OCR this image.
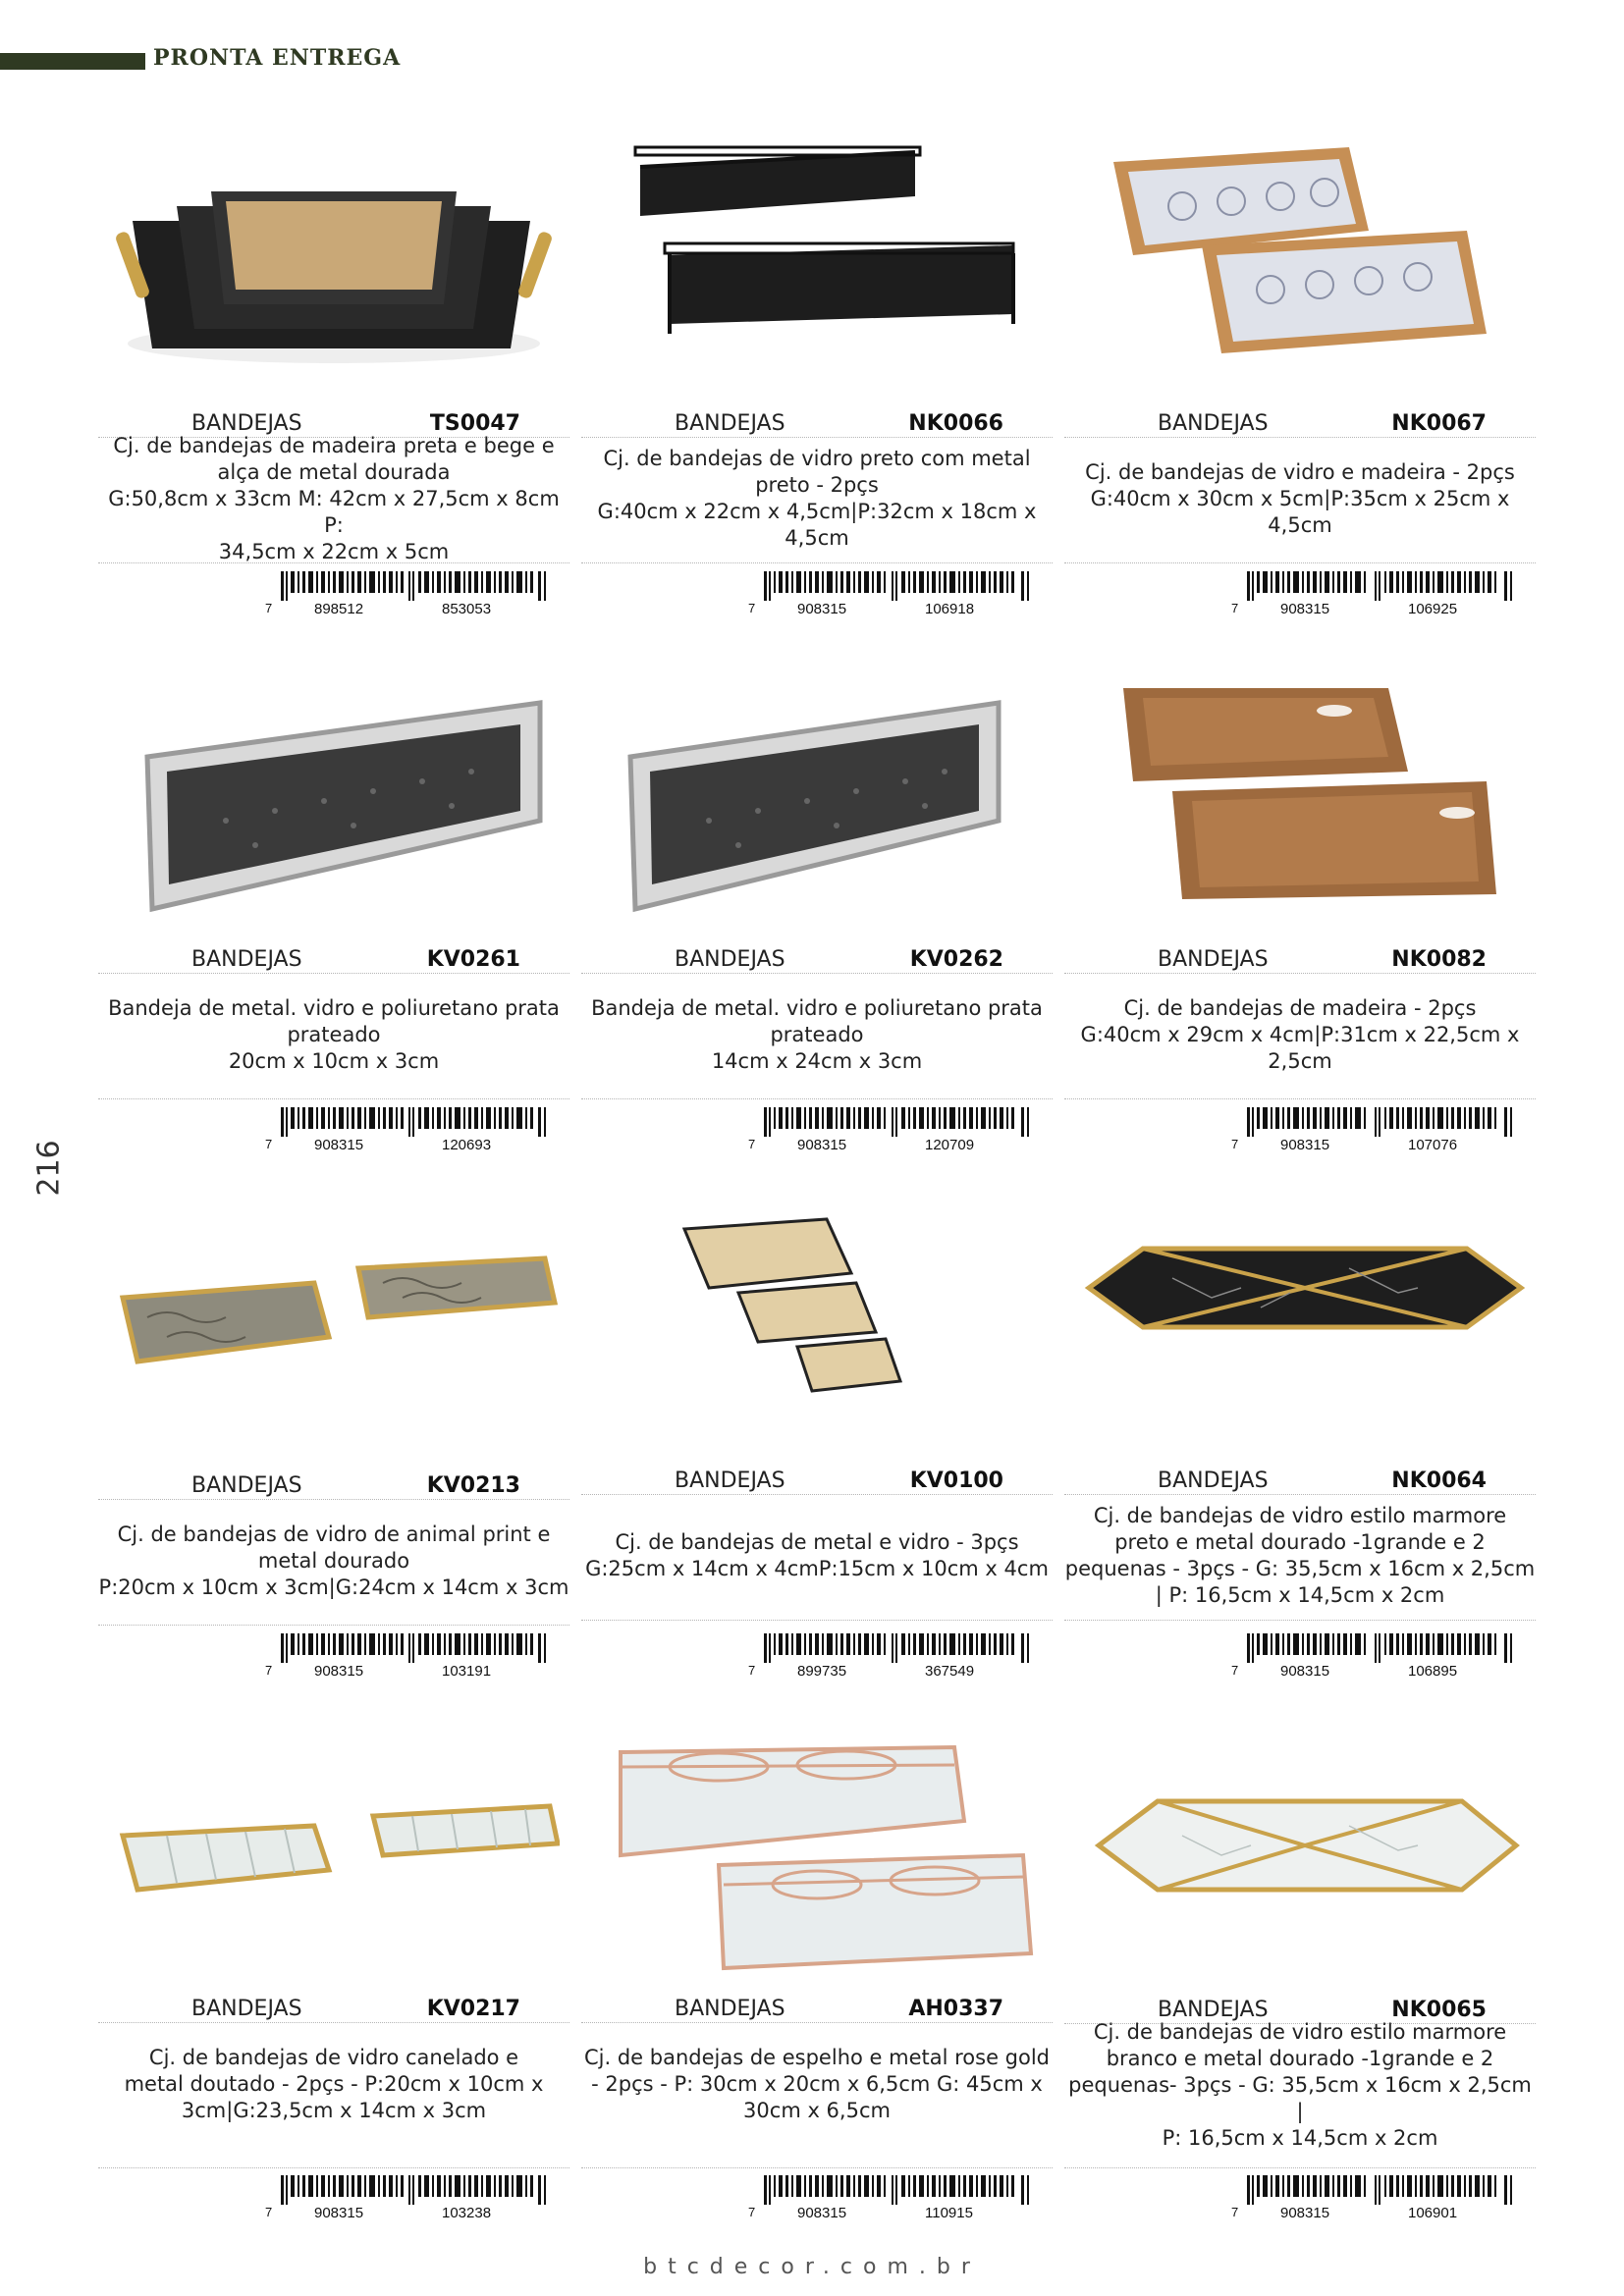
PRONTA ENTREGA
216
BANDEJAS	TS0047
Cj. de bandejas de madeira preta e bege e
alça de metal dourada
G:50,8cm x 33cm M: 42cm x 27,5cm x 8cm P:
34,5cm x 22cm x 5cm
7	898512	853053
BANDEJAS	NK0066
Cj. de bandejas de vidro preto com metal
preto - 2pçs
G:40cm x 22cm x 4,5cm|P:32cm x 18cm x
4,5cm
7	908315	106918
BANDEJAS	NK0067
Cj. de bandejas de vidro e madeira - 2pçs
G:40cm x 30cm x 5cm|P:35cm x 25cm x
4,5cm
7	908315	106925
BANDEJAS	KV0261
Bandeja de metal. vidro e poliuretano prata
prateado
20cm x 10cm x 3cm
7	908315	120693
BANDEJAS	KV0262
Bandeja de metal. vidro e poliuretano prata
prateado
14cm x 24cm x 3cm
7	908315	120709
BANDEJAS	NK0082
Cj. de bandejas de madeira - 2pçs
G:40cm x 29cm x 4cm|P:31cm x 22,5cm x
2,5cm
7	908315	107076
BANDEJAS	KV0213
Cj. de bandejas de vidro de animal print e
metal dourado
P:20cm x 10cm x 3cm|G:24cm x 14cm x 3cm
7	908315	103191
BANDEJAS	KV0100
Cj. de bandejas de metal e vidro - 3pçs
G:25cm x 14cm x 4cmP:15cm x 10cm x 4cm
7	899735	367549
BANDEJAS	NK0064
Cj. de bandejas de vidro estilo marmore
preto e metal dourado -1grande e 2
pequenas - 3pçs - G: 35,5cm x 16cm x 2,5cm
| P: 16,5cm x 14,5cm x 2cm
7	908315	106895
BANDEJAS	KV0217
Cj. de bandejas de vidro canelado e
metal doutado - 2pçs - P:20cm x 10cm x
3cm|G:23,5cm x 14cm x 3cm
7	908315	103238
BANDEJAS	AH0337
Cj. de bandejas de espelho e metal rose gold
- 2pçs - P: 30cm x 20cm x 6,5cm G: 45cm x
30cm x 6,5cm
7	908315	110915
BANDEJAS	NK0065
Cj. de bandejas de vidro estilo marmore
branco e metal dourado -1grande e 2
pequenas- 3pçs - G: 35,5cm x 16cm x 2,5cm |
P: 16,5cm x 14,5cm x 2cm
7	908315	106901
btcdecor.com.br
